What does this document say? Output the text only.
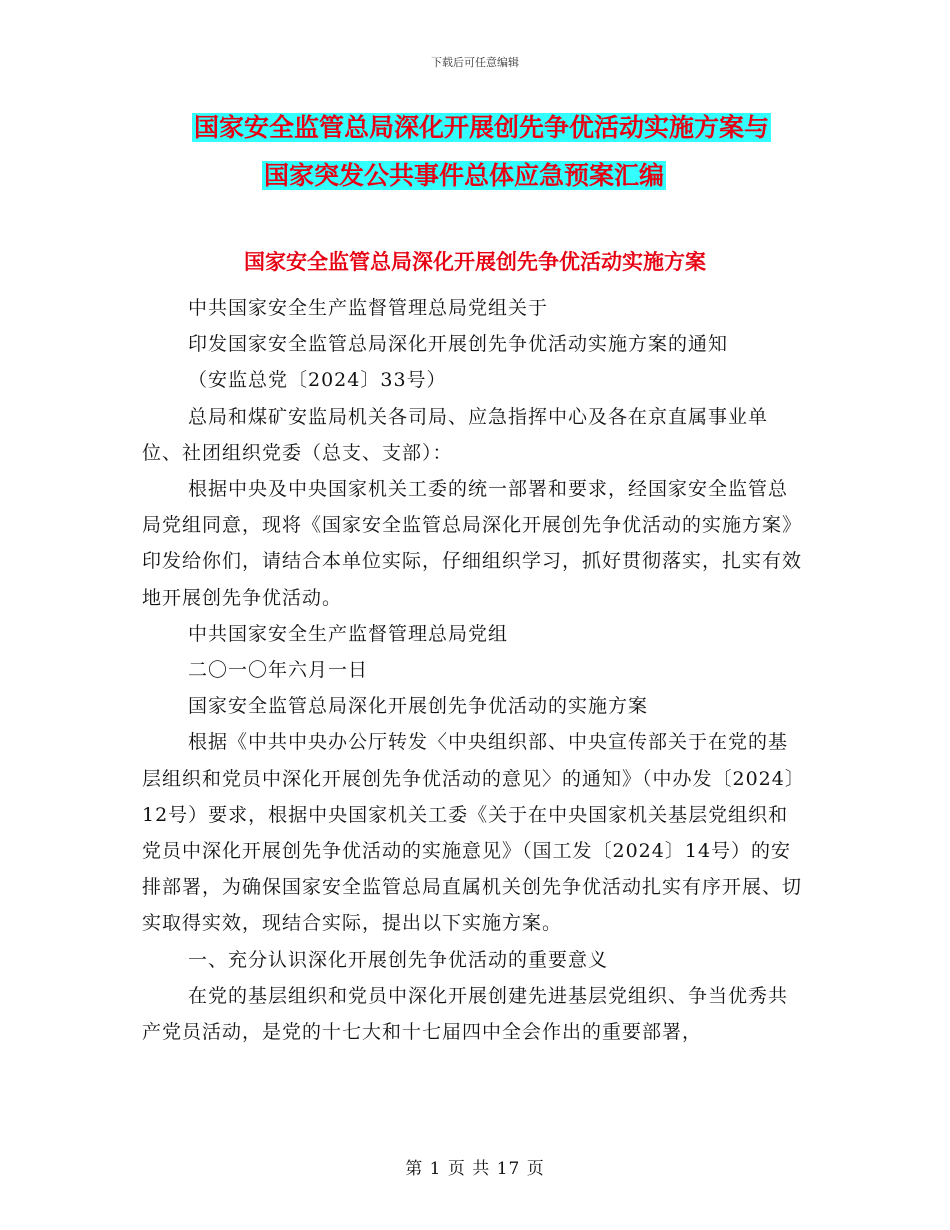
下载后可任意编辑
国家安全监管总局深化开展创先争优活动实施方案与
国家突发公共事件总体应急预案汇编
国家安全监管总局深化开展创先争优活动实施方案

中共国家安全生产监督管理总局党组关于

印发国家安全监管总局深化开展创先争优活动实施方案的通知

（安监总党〔2024〕33号）

总局和煤矿安监局机关各司局、应急指挥中心及各在京直属事业单位、社团组织党委（总支、支部）：

根据中央及中央国家机关工委的统一部署和要求，经国家安全监管总局党组同意，现将《国家安全监管总局深化开展创先争优活动的实施方案》印发给你们，请结合本单位实际，仔细组织学习，抓好贯彻落实，扎实有效地开展创先争优活动。

中共国家安全生产监督管理总局党组

二〇一〇年六月一日

国家安全监管总局深化开展创先争优活动的实施方案

根据《中共中央办公厅转发〈中央组织部、中央宣传部关于在党的基层组织和党员中深化开展创先争优活动的意见〉的通知》（中办发〔2024〕12号）要求，根据中央国家机关工委《关于在中央国家机关基层党组织和党员中深化开展创先争优活动的实施意见》（国工发〔2024〕14号）的安排部署，为确保国家安全监管总局直属机关创先争优活动扎实有序开展、切实取得实效，现结合实际，提出以下实施方案。

一、充分认识深化开展创先争优活动的重要意义

在党的基层组织和党员中深化开展创建先进基层党组织、争当优秀共产党员活动，是党的十七大和十七届四中全会作出的重要部署，

第 1 页 共 17 页
